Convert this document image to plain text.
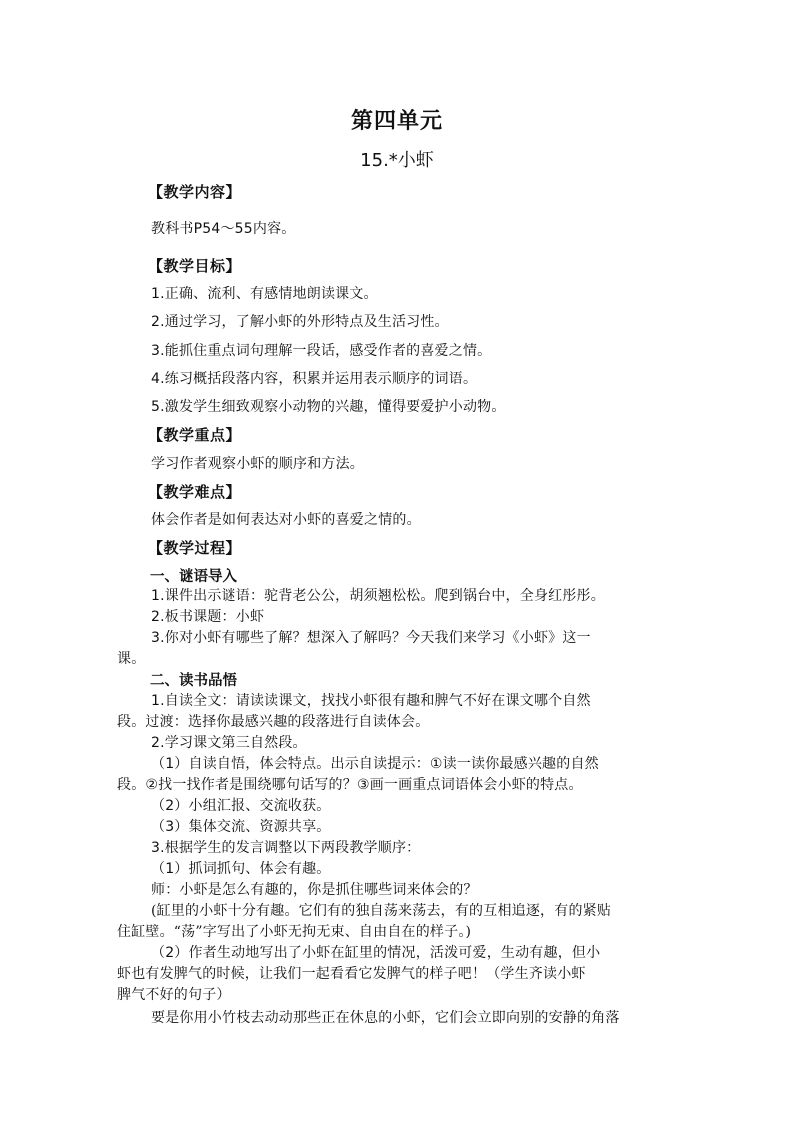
第四单元
15.*小虾
【教学内容】
教科书P54～55内容。
【教学目标】
1.正确、流利、有感情地朗读课文。
2.通过学习，了解小虾的外形特点及生活习性。
3.能抓住重点词句理解一段话，感受作者的喜爱之情。
4.练习概括段落内容，积累并运用表示顺序的词语。
5.激发学生细致观察小动物的兴趣，懂得要爱护小动物。
【教学重点】
学习作者观察小虾的顺序和方法。
【教学难点】
体会作者是如何表达对小虾的喜爱之情的。
【教学过程】
一、谜语导入
1.课件出示谜语：驼背老公公，胡须翘松松。爬到锅台中，全身红彤彤。
2.板书课题：小虾
3.你对小虾有哪些了解？想深入了解吗？今天我们来学习《小虾》这一
课。
二、读书品悟
1.自读全文：请读读课文，找找小虾很有趣和脾气不好在课文哪个自然
段。过渡：选择你最感兴趣的段落进行自读体会。
2.学习课文第三自然段。
（1）自读自悟，体会特点。出示自读提示：①读一读你最感兴趣的自然
段。②找一找作者是围绕哪句话写的？③画一画重点词语体会小虾的特点。
（2）小组汇报、交流收获。
（3）集体交流、资源共享。
3.根据学生的发言调整以下两段教学顺序：
（1）抓词抓句、体会有趣。
师：小虾是怎么有趣的，你是抓住哪些词来体会的？
(缸里的小虾十分有趣。它们有的独自荡来荡去，有的互相追逐，有的紧贴
住缸壁。“荡”字写出了小虾无拘无束、自由自在的样子。)
（2）作者生动地写出了小虾在缸里的情况，活泼可爱，生动有趣，但小
虾也有发脾气的时候，让我们一起看看它发脾气的样子吧！（学生齐读小虾
脾气不好的句子）
要是你用小竹枝去动动那些正在休息的小虾，它们会立即向别的安静的角落
